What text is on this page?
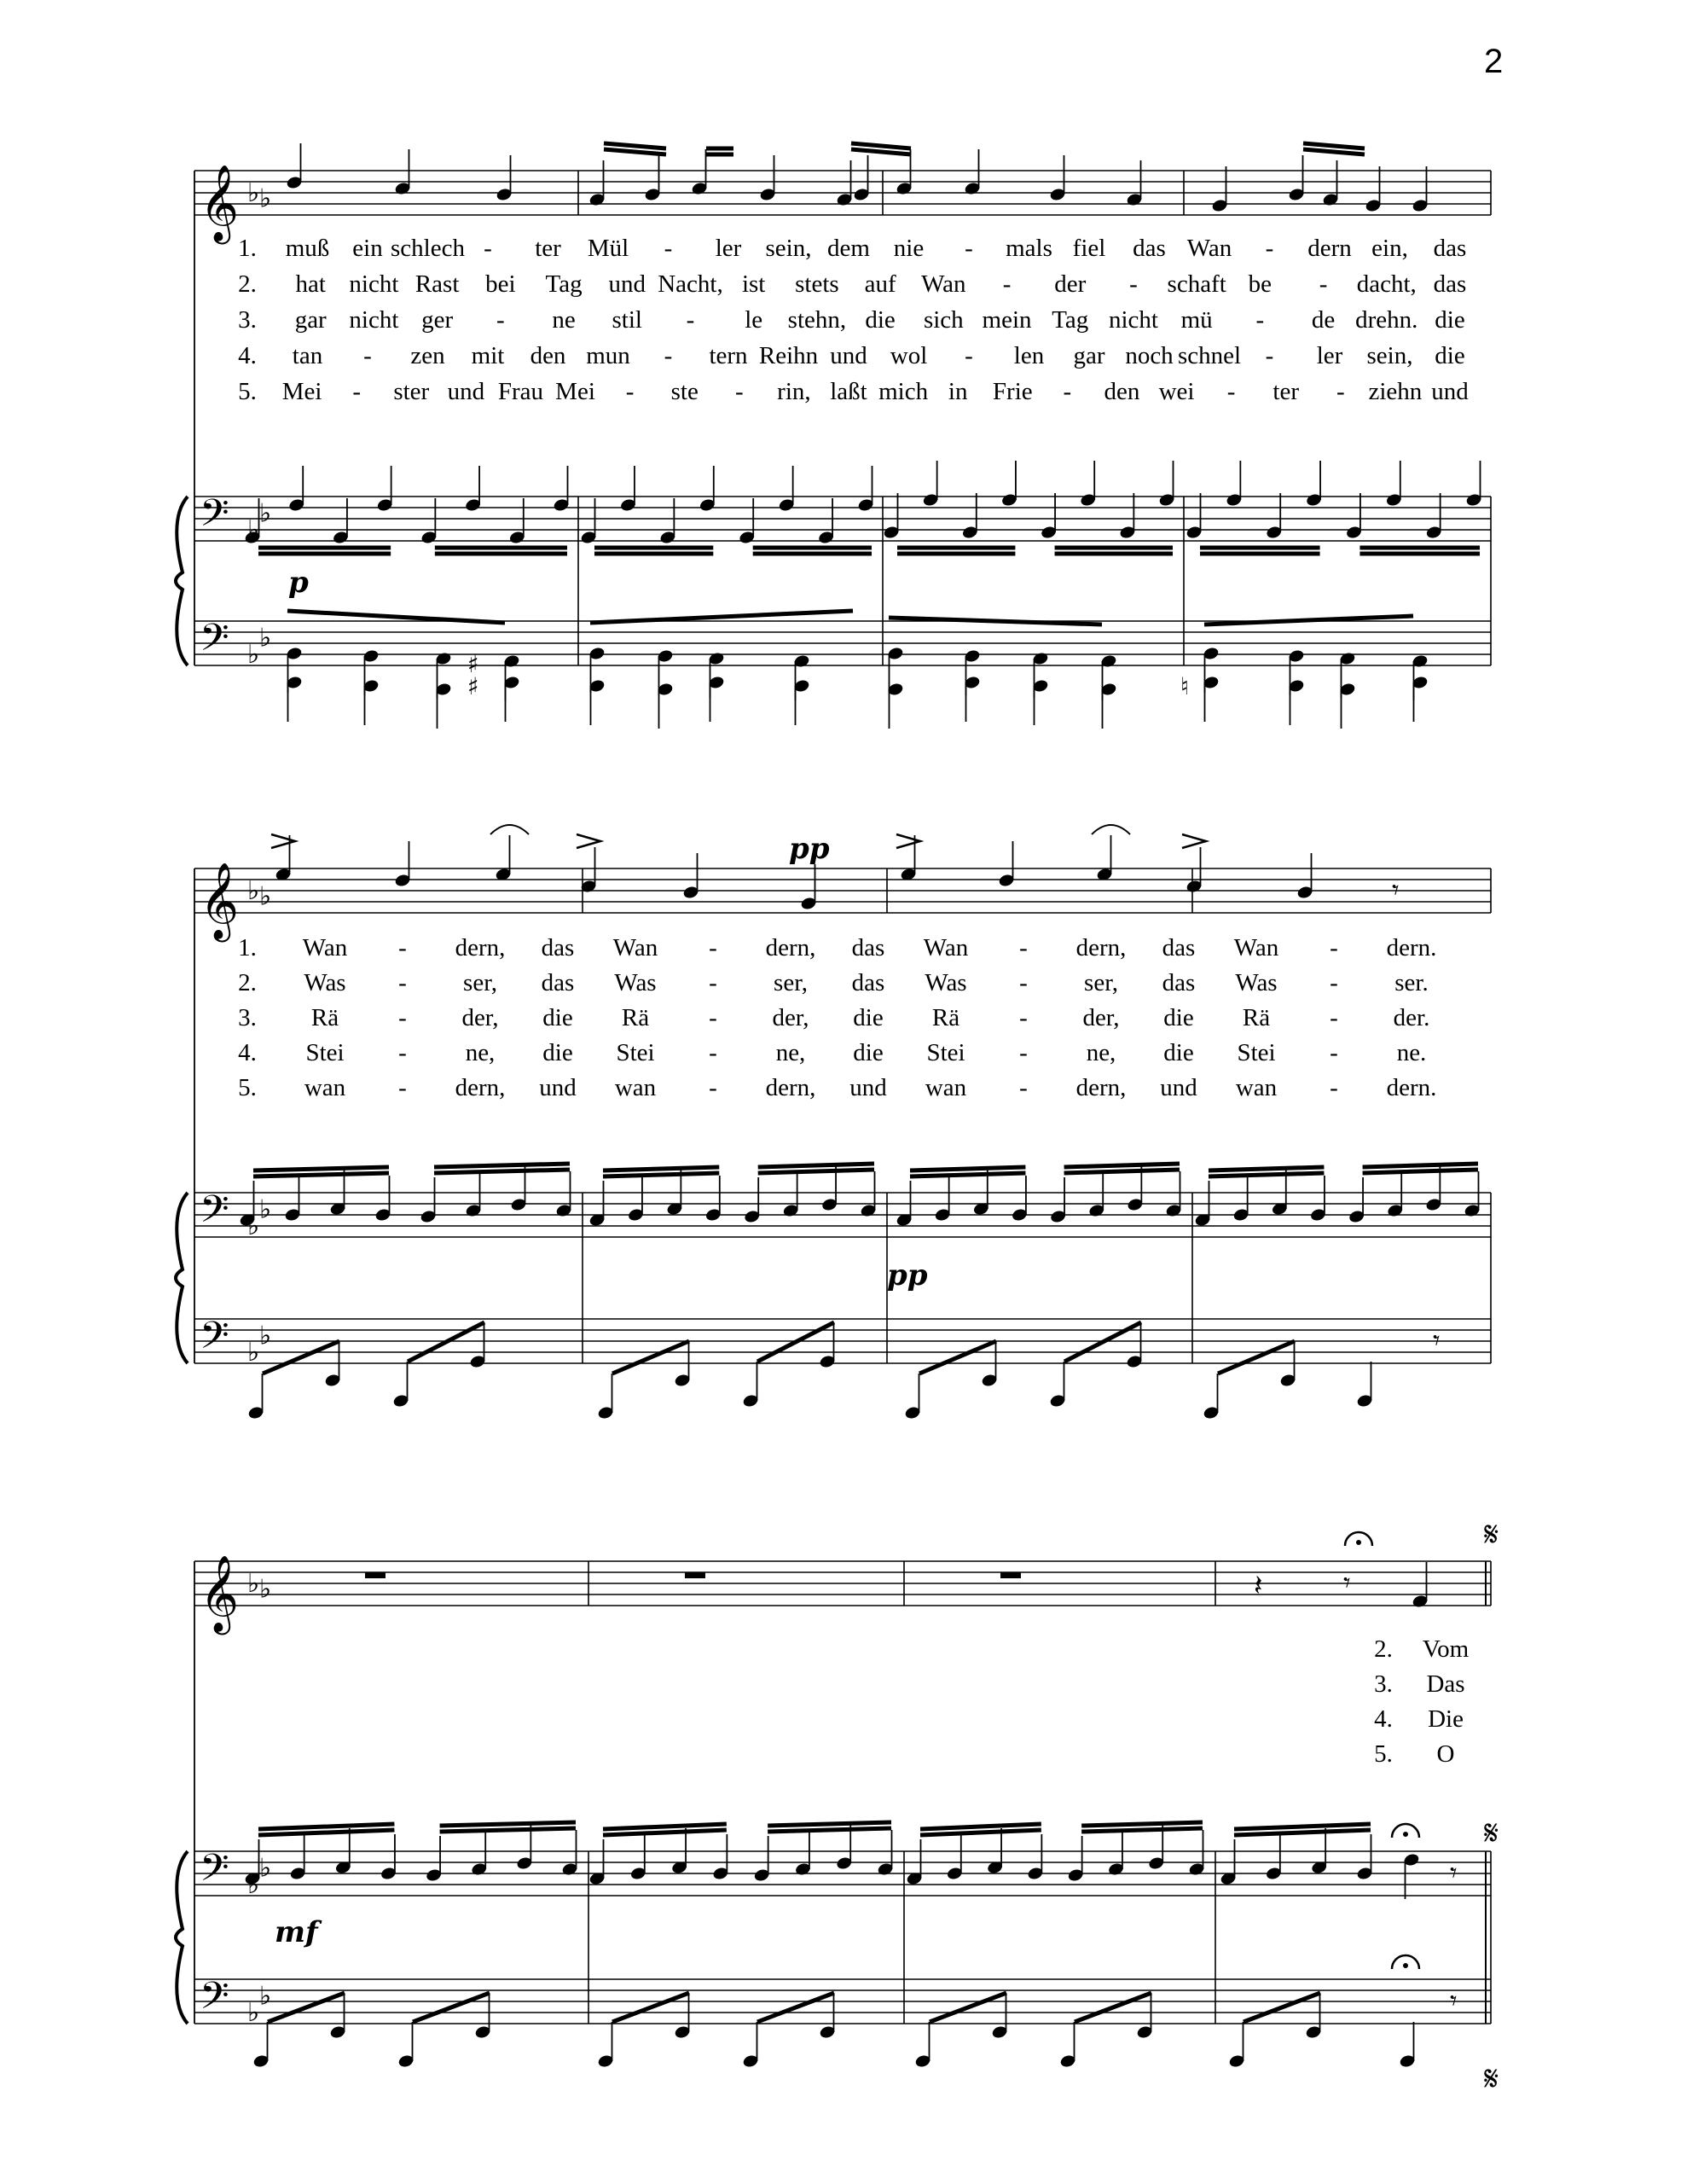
2
1. muß ein schlech - ter Mül - ler sein, dem nie - mals fiel das Wan - dern ein, das
2. hat nicht Rast bei Tag und Nacht, ist stets auf Wan - der - schaft be - dacht, das
3. gar nicht ger - ne stil - le stehn, die sich mein Tag nicht mü - de drehn. die
4. tan - zen mit den mun - tern Reihn und wol - len gar noch schnel - ler sein, die
5. Mei - ster und Frau Mei - ste - rin, laßt mich in Frie - den wei - ter - ziehn und
1. Wan - dern, das Wan - dern, das Wan - dern, das Wan - dern.
2. Was - ser, das Was - ser, das Was - ser, das Was - ser.
3. Rä - der, die Rä - der, die Rä - der, die Rä - der.
4. Stei - ne, die Stei - ne, die Stei - ne, die Stei - ne.
5. wan - dern, und wan - dern, und wan - dern, und wan - dern.
2. Vom
3. Das
4. Die
5. O
𝄞
𝄢
𝄢
♭ ♭
♭
♭
♭
♭
𝄞
𝄢
𝄢
♭ ♭
♭
♭
♭
♭
𝄞
𝄢
𝄢
♭ ♭
♭
♭
♭
♭
♮
♯
♯
𝄾
𝄾
𝄽	𝄾
𝄋
𝄋
𝄋
𝄾
𝄾
p
pp
pp
mf
